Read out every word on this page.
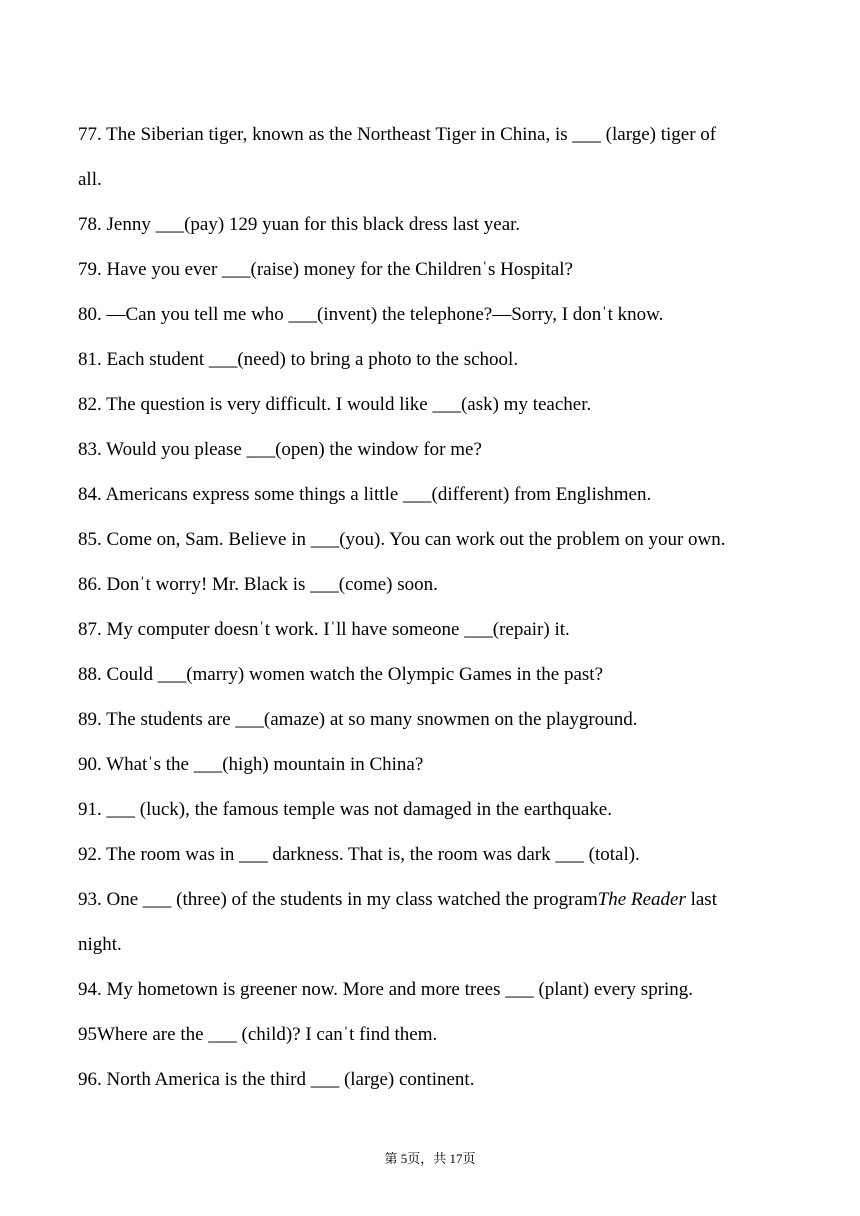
77. The Siberian tiger, known as the Northeast Tiger in China, is ___ (large) tiger of
all.
78. Jenny ___(pay) 129 yuan for this black dress last year.
79. Have you ever ___(raise) money for the Childrenˈs Hospital?
80. —Can you tell me who ___(invent) the telephone?—Sorry, I donˈt know.
81. Each student ___(need) to bring a photo to the school.
82. The question is very difficult. I would like ___(ask) my teacher.
83. Would you please ___(open) the window for me?
84. Americans express some things a little ___(different) from Englishmen.
85. Come on, Sam. Believe in ___(you). You can work out the problem on your own.
86. Donˈt worry! Mr. Black is ___(come) soon.
87. My computer doesnˈt work. Iˈll have someone ___(repair) it.
88. Could ___(marry) women watch the Olympic Games in the past?
89. The students are ___(amaze) at so many snowmen on the playground.
90. Whatˈs the ___(high) mountain in China?
91. ___ (luck), the famous temple was not damaged in the earthquake.
92. The room was in ___ darkness. That is, the room was dark ___ (total).
93. One ___ (three) of the students in my class watched the programThe Reader last
night.
94. My hometown is greener now. More and more trees ___ (plant) every spring.
95Where are the ___ (child)? I canˈt find them.
96. North America is the third ___ (large) continent.
第 5页，共 17页
